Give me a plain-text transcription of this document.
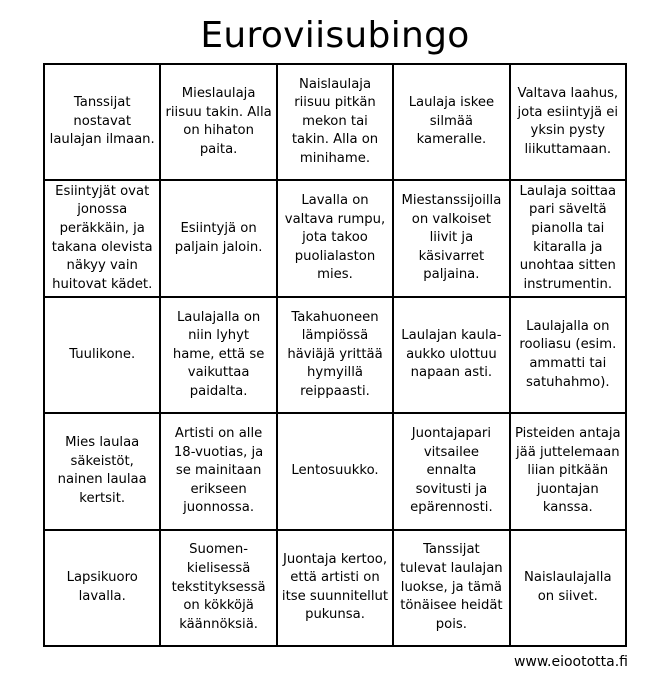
Euroviisubingo
Tanssijat nostavat laulajan ilmaan.
Mieslaulaja riisuu takin. Alla on hihaton paita.
Naislaulaja riisuu pitkän mekon tai takin. Alla on minihame.
Laulaja iskee silmää kameralle.
Valtava laahus, jota esiintyjä ei yksin pysty liikuttamaan.
Esiintyjät ovat jonossa peräkkäin, ja takana olevista näkyy vain huitovat kädet.
Esiintyjä on paljain jaloin.
Lavalla on valtava rumpu, jota takoo puolialaston mies.
Miestanssijoilla on valkoiset liivit ja käsivarret paljaina.
Laulaja soittaa pari säveltä pianolla tai kitaralla ja unohtaa sitten instrumentin.
Tuulikone.
Laulajalla on niin lyhyt hame, että se vaikuttaa paidalta.
Takahuoneen lämpiössä häviäjä yrittää hymyillä reippaasti.
Laulajan kaula-aukko ulottuu napaan asti.
Laulajalla on rooliasu (esim. ammatti tai satuhahmo).
Mies laulaa säkeistöt, nainen laulaa kertsit.
Artisti on alle 18-vuotias, ja se mainitaan erikseen juonnossa.
Lentosuukko.
Juontajapari vitsailee ennalta sovitusti ja epärennosti.
Pisteiden antaja jää juttelemaan liian pitkään juontajan kanssa.
Lapsikuoro lavalla.
Suomen-kielisessä tekstityksessä on kökköjä käännöksiä.
Juontaja kertoo, että artisti on itse suunnitellut pukunsa.
Tanssijat tulevat laulajan luokse, ja tämä tönäisee heidät pois.
Naislaulajalla on siivet.
www.eioototta.fi
